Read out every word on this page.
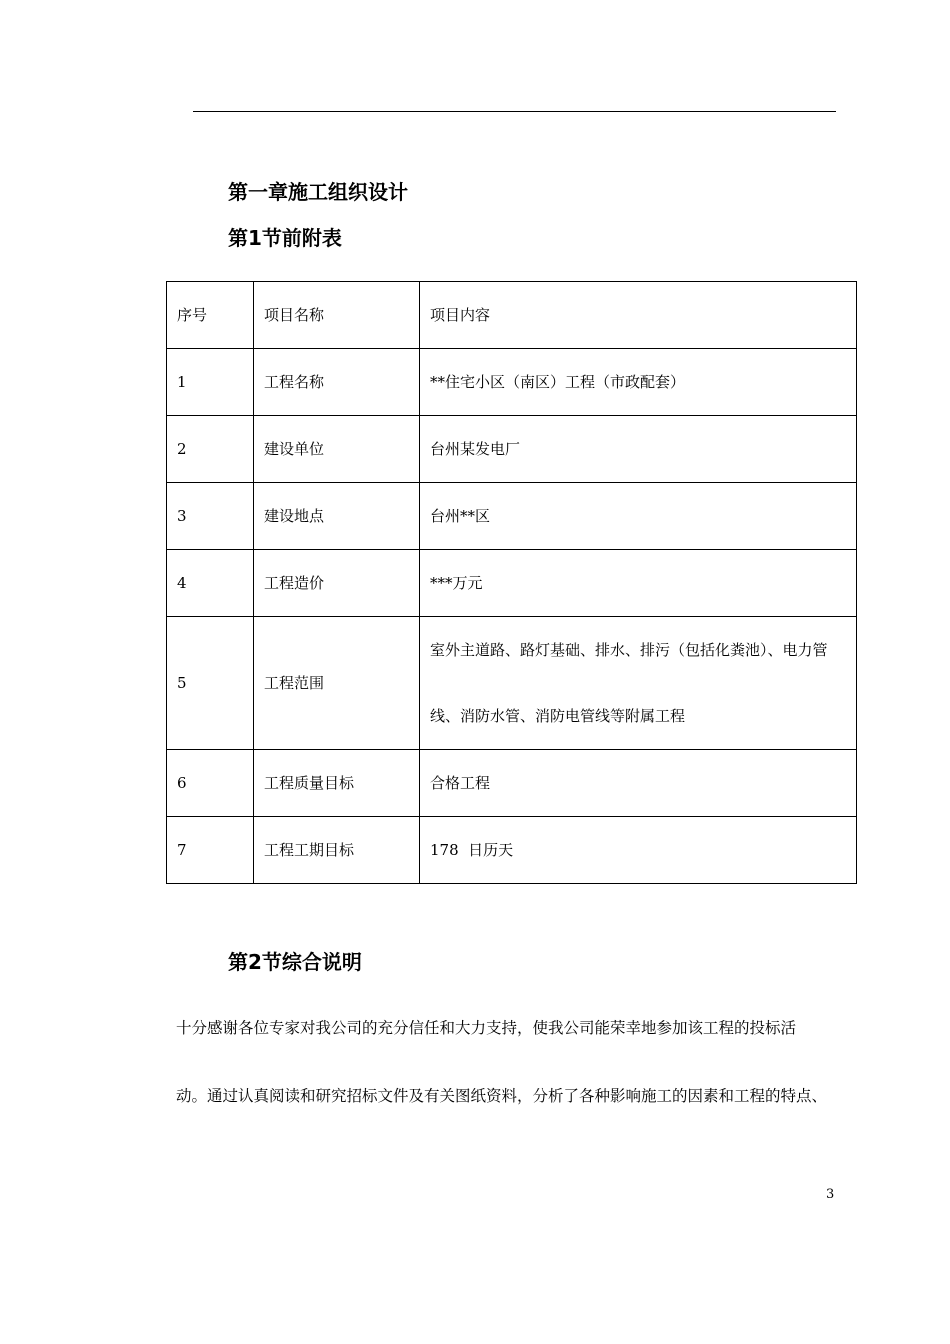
第一章施工组织设计
第1节前附表
序号	项目名称	项目内容
1	工程名称	**住宅小区（南区）工程（市政配套）
2	建设单位	台州某发电厂
3	建设地点	台州**区
4	工程造价	***万元
5	工程范围	室外主道路、路灯基础、排水、排污（包括化粪池）、电力管
线、消防水管、消防电管线等附属工程

6	工程质量目标	合格工程
7	工程工期目标	178  日历天
第2节综合说明

十分感谢各位专家对我公司的充分信任和大力支持，使我公司能荣幸地参加该工程的投标活

动。通过认真阅读和研究招标文件及有关图纸资料，分析了各种影响施工的因素和工程的特点、

3
